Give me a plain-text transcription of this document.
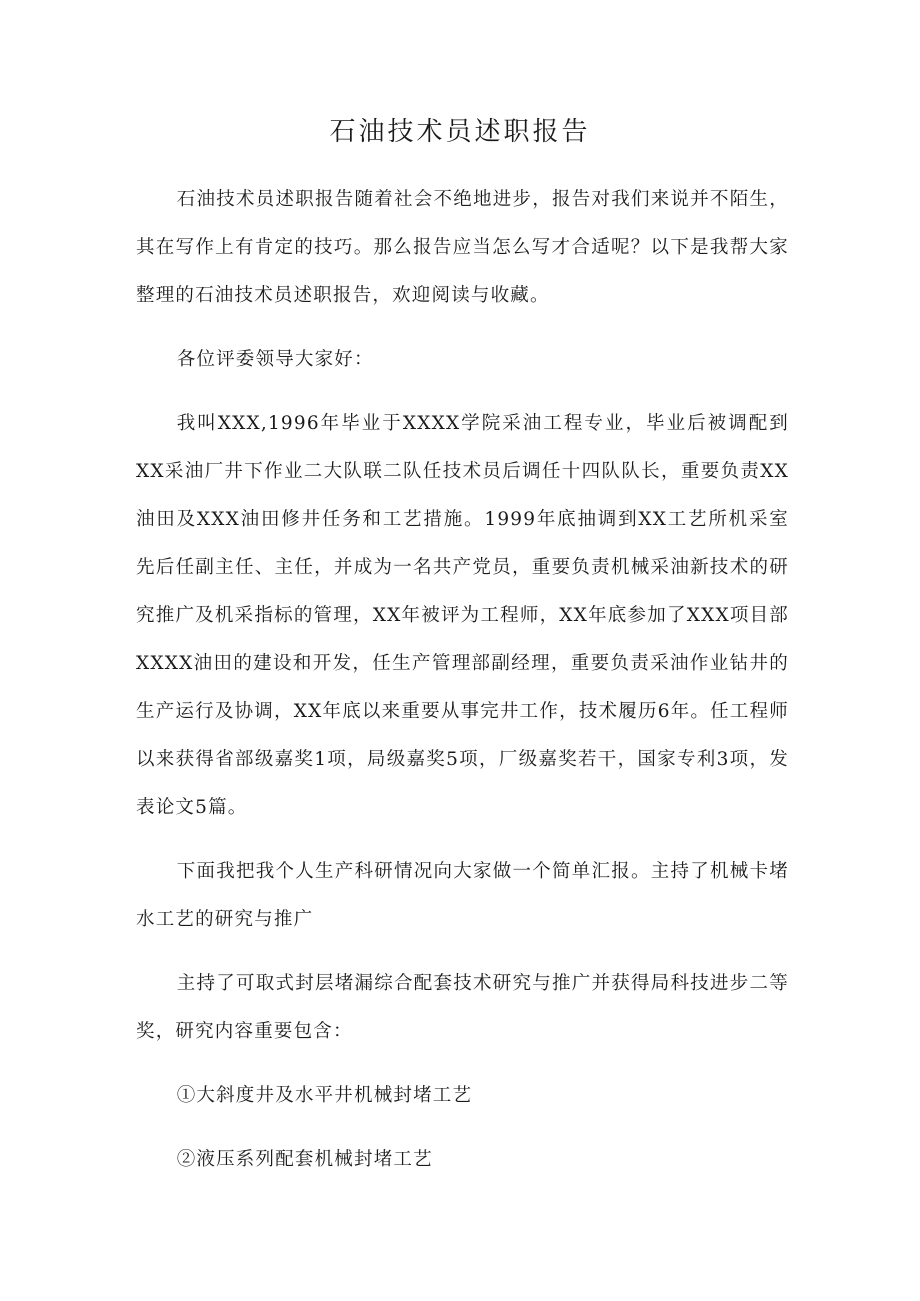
石油技术员述职报告

石油技术员述职报告随着社会不绝地进步，报告对我们来说并不陌生，其在写作上有肯定的技巧。那么报告应当怎么写才合适呢？以下是我帮大家整理的石油技术员述职报告，欢迎阅读与收藏。

各位评委领导大家好：

我叫XXX,1996年毕业于XXXX学院采油工程专业，毕业后被调配到XX采油厂井下作业二大队联二队任技术员后调任十四队队长，重要负责XX油田及XXX油田修井任务和工艺措施。1999年底抽调到XX工艺所机采室先后任副主任、主任，并成为一名共产党员，重要负责机械采油新技术的研究推广及机采指标的管理，XX年被评为工程师，XX年底参加了XXX项目部XXXX油田的建设和开发，任生产管理部副经理，重要负责采油作业钻井的生产运行及协调，XX年底以来重要从事完井工作，技术履历6年。任工程师以来获得省部级嘉奖1项，局级嘉奖5项，厂级嘉奖若干，国家专利3项，发表论文5篇。

下面我把我个人生产科研情况向大家做一个简单汇报。主持了机械卡堵水工艺的研究与推广

主持了可取式封层堵漏综合配套技术研究与推广并获得局科技进步二等奖，研究内容重要包含：

①大斜度井及水平井机械封堵工艺

②液压系列配套机械封堵工艺
